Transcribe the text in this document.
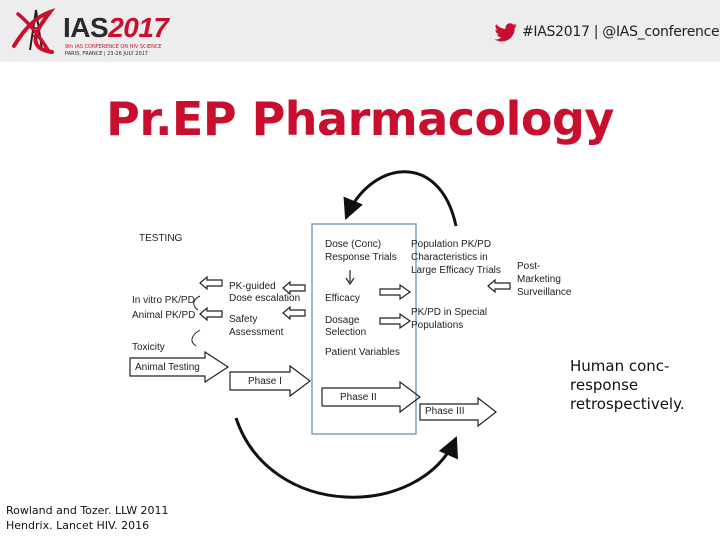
IAS2017
9th IAS CONFERENCE ON HIV SCIENCE
PARIS, FRANCE | 23-26 JULY 2017
#IAS2017 | @IAS_conference
Pr.EP Pharmacology
TESTING
PK-guided
Dose escalation
In vitro PK/PD
Animal PK/PD	Safety
Assessment
Toxicity
Animal Testing
Phase I
Dose (Conc)
Response Trials
Efficacy
Dosage
Selection
Patient Variables
Phase II
Population PK/PD
Characteristics in
Large Efficacy Trials
PK/PD in Special
Populations
Phase III
Post-
Marketing
Surveillance
Human conc-response retrospectively.
Rowland and Tozer. LLW 2011
Hendrix. Lancet HIV. 2016
